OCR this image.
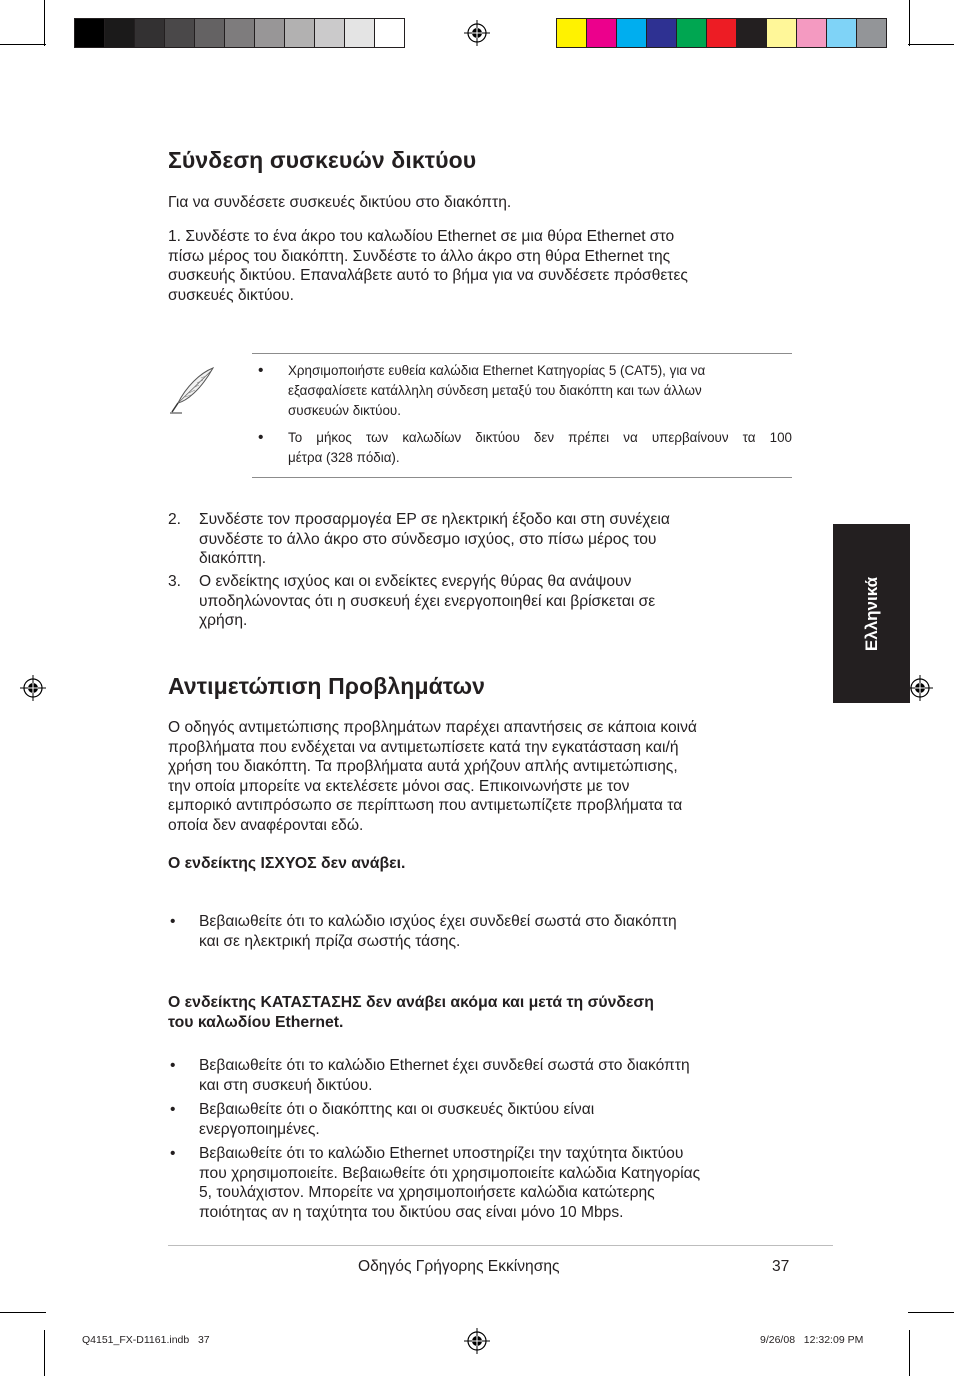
Σύνδεση συσκευών δικτύου

Για να συνδέσετε συσκευές δικτύου στο διακόπτη.

1. Συνδέστε το ένα άκρο του καλωδίου Ethernet σε μια θύρα Ethernet στο
πίσω μέρος του διακόπτη. Συνδέστε το άλλο άκρο στη θύρα Ethernet της
συσκευής δικτύου. Επαναλάβετε αυτό το βήμα για να συνδέσετε πρόσθετες
συσκευές δικτύου.
• Χρησιμοποιήστε ευθεία καλώδια Ethernet Κατηγορίας 5 (CAT5), για να
εξασφαλίσετε κατάλληλη σύνδεση μεταξύ του διακόπτη και των άλλων
συσκευών δικτύου.
• Το μήκος των καλωδίων δικτύου δεν πρέπει να υπερβαίνουν τα 100
μέτρα (328 πόδια).
2. Συνδέστε τον προσαρμογέα ΕΡ σε ηλεκτρική έξοδο και στη συνέχεια
συνδέστε το άλλο άκρο στο σύνδεσμο ισχύος, στο πίσω μέρος του
διακόπτη.
3. Ο ενδείκτης ισχύος και οι ενδείκτες ενεργής θύρας θα ανάψουν
υποδηλώνοντας ότι η συσκευή έχει ενεργοποιηθεί και βρίσκεται σε
χρήση.
Αντιμετώπιση Προβλημάτων
Ο οδηγός αντιμετώπισης προβλημάτων παρέχει απαντήσεις σε κάποια κοινά
προβλήματα που ενδέχεται να αντιμετωπίσετε κατά την εγκατάσταση και/ή
χρήση του διακόπτη. Τα προβλήματα αυτά χρήζουν απλής αντιμετώπισης,
την οποία μπορείτε να εκτελέσετε μόνοι σας. Επικοινωνήστε με τον
εμπορικό αντιπρόσωπο σε περίπτωση που αντιμετωπίζετε προβλήματα τα
οποία δεν αναφέρονται εδώ.
Ο ενδείκτης ΙΣΧΥΟΣ δεν ανάβει.
• Βεβαιωθείτε ότι το καλώδιο ισχύος έχει συνδεθεί σωστά στο διακόπτη
και σε ηλεκτρική πρίζα σωστής τάσης.
Ο ενδείκτης ΚΑΤΑΣΤΑΣΗΣ δεν ανάβει ακόμα και μετά τη σύνδεση
του καλωδίου Ethernet.
• Βεβαιωθείτε ότι το καλώδιο Ethernet έχει συνδεθεί σωστά στο διακόπτη
και στη συσκευή δικτύου.
• Βεβαιωθείτε ότι ο διακόπτης και οι συσκευές δικτύου είναι
ενεργοποιημένες.
• Βεβαιωθείτε ότι το καλώδιο Ethernet υποστηρίζει την ταχύτητα δικτύου
που χρησιμοποιείτε. Βεβαιωθείτε ότι χρησιμοποιείτε καλώδια Κατηγορίας
5, τουλάχιστον. Μπορείτε να χρησιμοποιήσετε καλώδια κατώτερης
ποιότητας αν η ταχύτητα του δικτύου σας είναι μόνο 10 Mbps.
Ελληνικά
Οδηγός Γρήγορης Εκκίνησης	37
Q4151_FX-D1161.indb   37	9/26/08   12:32:09 PM
